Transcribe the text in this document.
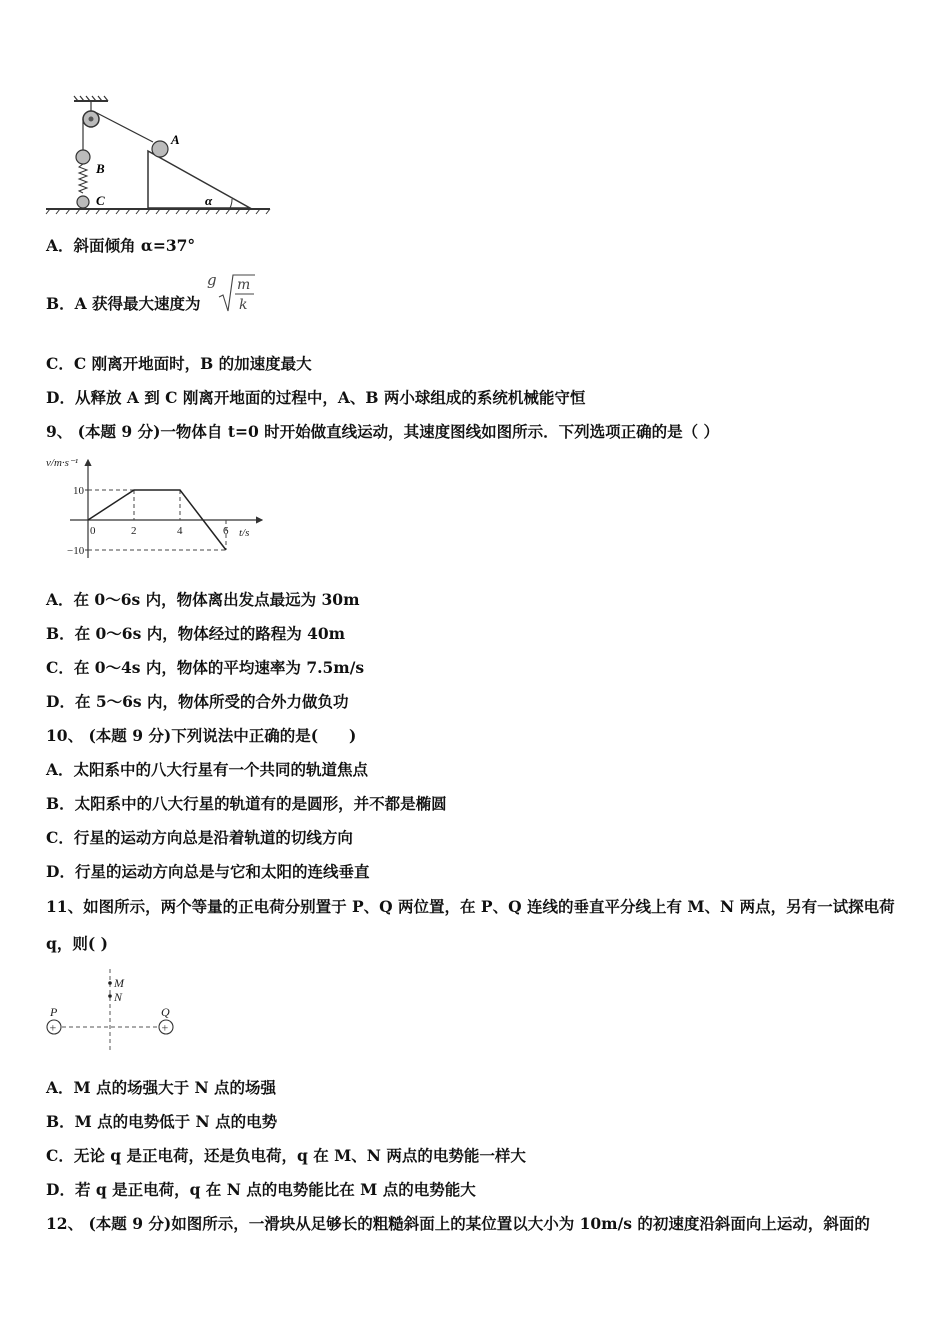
A
B
C	α
A．斜面倾角 α=37°
B．A 获得最大速度为
g m
k
C．C 刚离开地面时，B 的加速度最大
D．从释放 A 到 C 刚离开地面的过程中，A、B 两小球组成的系统机械能守恒
9、 (本题 9 分)一物体自 t=0 时开始做直线运动，其速度图线如图所示．下列选项正确的是（ ）
v/m·s⁻¹
t/s
0	2	4	6
10
−10
A．在 0～6s 内，物体离出发点最远为 30m
B．在 0～6s 内，物体经过的路程为 40m
C．在 0～4s 内，物体的平均速率为 7.5m/s
D．在 5～6s 内，物体所受的合外力做负功
10、 (本题 9 分)下列说法中正确的是(　　)
A．太阳系中的八大行星有一个共同的轨道焦点
B．太阳系中的八大行星的轨道有的是圆形，并不都是椭圆
C．行星的运动方向总是沿着轨道的切线方向
D．行星的运动方向总是与它和太阳的连线垂直
11、如图所示，两个等量的正电荷分别置于 P、Q 两位置，在 P、Q 连线的垂直平分线上有 M、N 两点，另有一试探电荷
q，则( )
+	+
M
N
P	Q
A．M 点的场强大于 N 点的场强
B．M 点的电势低于 N 点的电势
C．无论 q 是正电荷，还是负电荷，q 在 M、N 两点的电势能一样大
D．若 q 是正电荷，q 在 N 点的电势能比在 M 点的电势能大
12、 (本题 9 分)如图所示，一滑块从足够长的粗糙斜面上的某位置以大小为 10m/s 的初速度沿斜面向上运动，斜面的
